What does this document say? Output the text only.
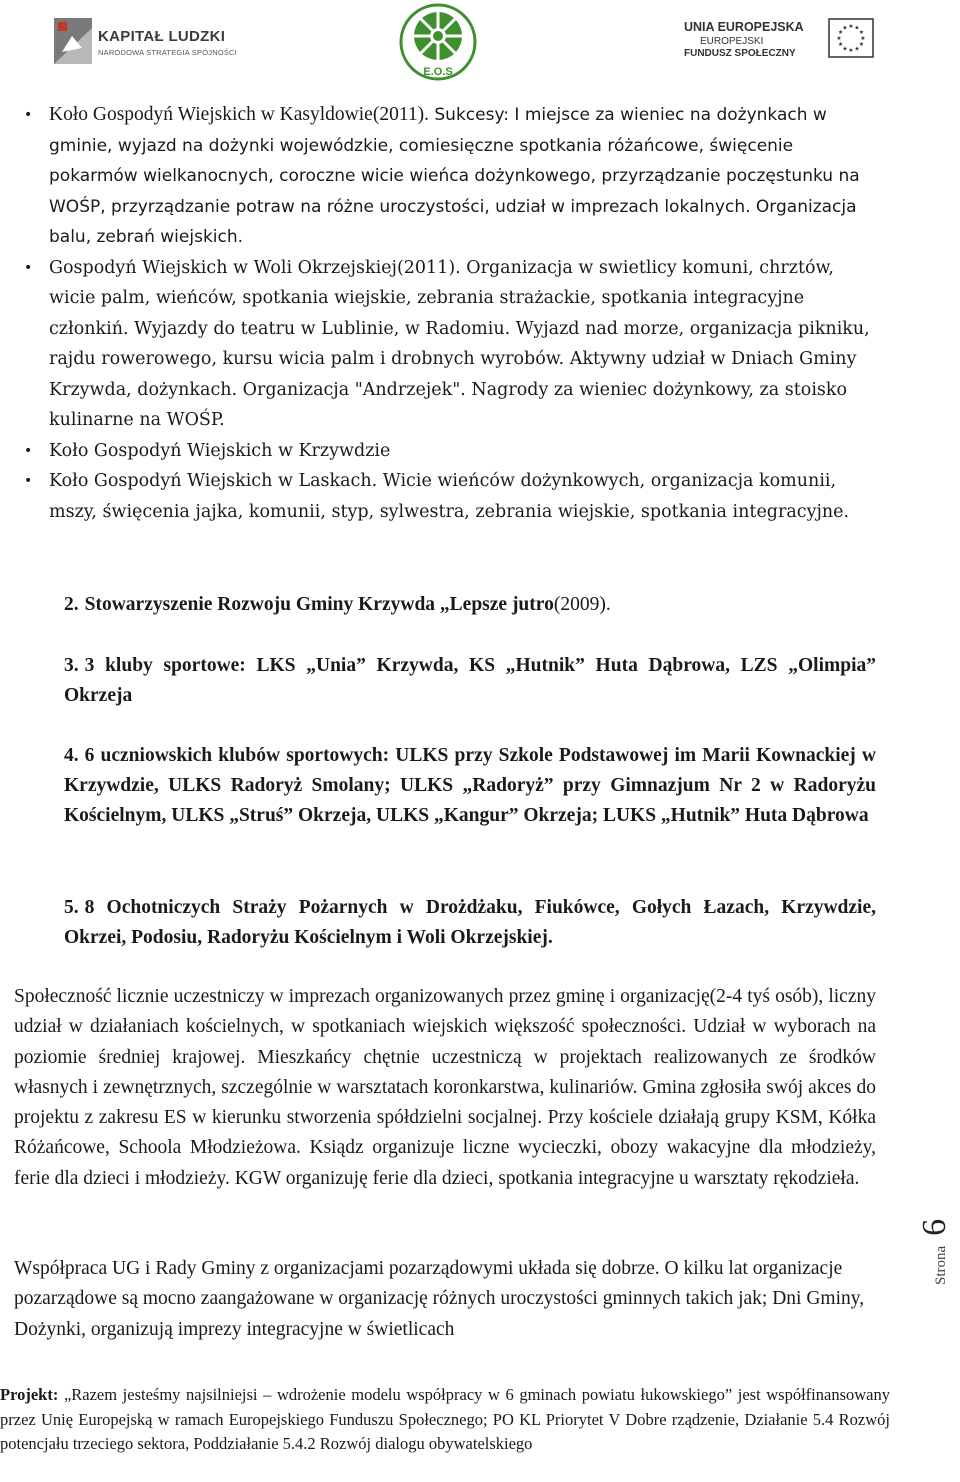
KAPITAŁ LUDZKI
NARODOWA STRATEGIA SPÓJNOŚCI
E.O.S
UNIA EUROPEJSKA
EUROPEJSKI
FUNDUSZ SPOŁECZNY
★ ★
★
★
★
★
★
★
★
★
★
★
• Koło Gospodyń Wiejskich w Kasyldowie(2011). Sukcesy: I miejsce za wieniec na dożynkach w gminie, wyjazd na dożynki wojewódzkie, comiesięczne spotkania różańcowe, święcenie pokarmów wielkanocnych, coroczne wicie wieńca dożynkowego, przyrządzanie poczęstunku na WOŚP, przyrządzanie potraw na różne uroczystości, udział w imprezach lokalnych. Organizacja balu, zebrań wiejskich.
• Gospodyń Wiejskich w Woli Okrzejskiej(2011). Organizacja w swietlicy komuni, chrztów, wicie palm, wieńców, spotkania wiejskie, zebrania strażackie, spotkania integracyjne członkiń. Wyjazdy do teatru w Lublinie, w Radomiu. Wyjazd nad morze, organizacja pikniku, rajdu rowerowego, kursu wicia palm i drobnych wyrobów. Aktywny udział w Dniach Gminy Krzywda, dożynkach. Organizacja "Andrzejek". Nagrody za wieniec dożynkowy, za stoisko kulinarne na WOŚP.
• Koło Gospodyń Wiejskich w Krzywdzie
• Koło Gospodyń Wiejskich w Laskach. Wicie wieńców dożynkowych, organizacja komunii, mszy, święcenia jajka, komunii, styp, sylwestra, zebrania wiejskie, spotkania integracyjne.
2. Stowarzyszenie Rozwoju Gminy Krzywda „Lepsze jutro(2009).
3. 3 kluby sportowe: LKS „Unia” Krzywda, KS „Hutnik” Huta Dąbrowa, LZS „Olimpia” Okrzeja
4. 6 uczniowskich klubów sportowych: ULKS przy Szkole Podstawowej im Marii Kownackiej w Krzywdzie, ULKS Radoryż Smolany; ULKS „Radoryż” przy Gimnazjum Nr 2 w Radoryżu Kościelnym, ULKS „Struś” Okrzeja, ULKS „Kangur” Okrzeja; LUKS „Hutnik” Huta Dąbrowa
5. 8 Ochotniczych Straży Pożarnych w Drożdżaku, Fiukówce, Gołych Łazach, Krzywdzie, Okrzei, Podosiu, Radoryżu Kościelnym i Woli Okrzejskiej.
Społeczność licznie uczestniczy w imprezach organizowanych przez gminę i organizację(2-4 tyś osób), liczny udział w działaniach kościelnych, w spotkaniach wiejskich większość społeczności. Udział w wyborach na poziomie średniej krajowej. Mieszkańcy chętnie uczestniczą w projektach realizowanych ze środków własnych i zewnętrznych, szczególnie w warsztatach koronkarstwa, kulinariów. Gmina zgłosiła swój akces do projektu z zakresu ES w kierunku stworzenia spółdzielni socjalnej. Przy kościele działają grupy KSM, Kółka Różańcowe, Schoola Młodzieżowa. Ksiądz organizuje liczne wycieczki, obozy wakacyjne dla młodzieży, ferie dla dzieci i młodzieży. KGW organizuję ferie dla dzieci, spotkania integracyjne u warsztaty rękodzieła.
Współpraca UG i Rady Gminy z organizacjami pozarządowymi układa się dobrze. O kilku lat organizacje pozarządowe są mocno zaangażowane w organizację różnych uroczystości gminnych takich jak; Dni Gminy, Dożynki, organizują imprezy integracyjne w świetlicach
Strona6
Projekt: „Razem jesteśmy najsilniejsi – wdrożenie modelu współpracy w 6 gminach powiatu łukowskiego” jest współfinansowany przez Unię Europejską w ramach Europejskiego Funduszu Społecznego; PO KL Priorytet V Dobre rządzenie, Działanie 5.4 Rozwój potencjału trzeciego sektora, Poddziałanie 5.4.2 Rozwój dialogu obywatelskiego
